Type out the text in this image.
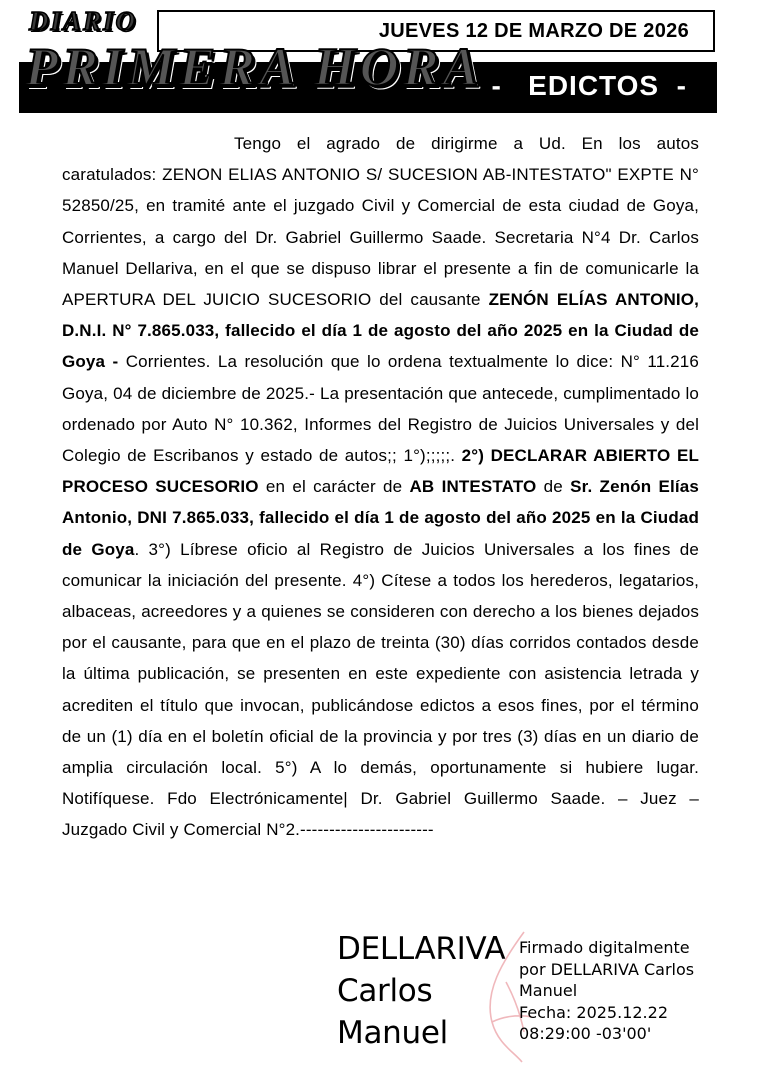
JUEVES 12 DE MARZO DE 2026
-   EDICTOS  -
DIARIO
PRIMERA HORA

Tengo el agrado de dirigirme a Ud. En los autos caratulados: ZENON ELIAS ANTONIO S/ SUCESION AB-INTESTATO" EXPTE N° 52850/25, en tramité ante el juzgado Civil y Comercial de esta ciudad de Goya, Corrientes, a cargo del Dr. Gabriel Guillermo Saade. Secretaria N°4 Dr. Carlos Manuel Dellariva, en el que se dispuso librar el presente a fin de comunicarle la APERTURA DEL JUICIO SUCESORIO del causante ZENÓN ELÍAS ANTONIO, D.N.I. N° 7.865.033, fallecido el día 1 de agosto del año 2025 en la Ciudad de Goya - Corrientes. La resolución que lo ordena textualmente lo dice: N° 11.216 Goya, 04 de diciembre de 2025.- La presentación que antecede, cumplimentado lo ordenado por Auto N° 10.362, Informes del Registro de Juicios Universales y del Colegio de Escribanos y estado de autos;; 1°);;;;;. 2°) DECLARAR ABIERTO EL PROCESO SUCESORIO en el carácter de AB INTESTATO de Sr. Zenón Elías Antonio, DNI 7.865.033, fallecido el día 1 de agosto del año 2025 en la Ciudad de Goya. 3°) Líbrese oficio al Registro de Juicios Universales a los fines de comunicar la iniciación del presente. 4°) Cítese a todos los herederos, legatarios, albaceas, acreedores y a quienes se consideren con derecho a los bienes dejados por el causante, para que en el plazo de treinta (30) días corridos contados desde la última publicación, se presenten en este expediente con asistencia letrada y acrediten el título que invocan, publicándose edictos a esos fines, por el término de un (1) día en el boletín oficial de la provincia y por tres (3) días en un diario de amplia circulación local. 5°) A lo demás, oportunamente si hubiere lugar. Notifíquese. Fdo Electrónicamente| Dr. Gabriel Guillermo Saade. – Juez – Juzgado Civil y Comercial N°2.-----------------------

DELLARIVA
Carlos
Manuel
Firmado digitalmente
por DELLARIVA Carlos
Manuel
Fecha: 2025.12.22
08:29:00 -03'00'
